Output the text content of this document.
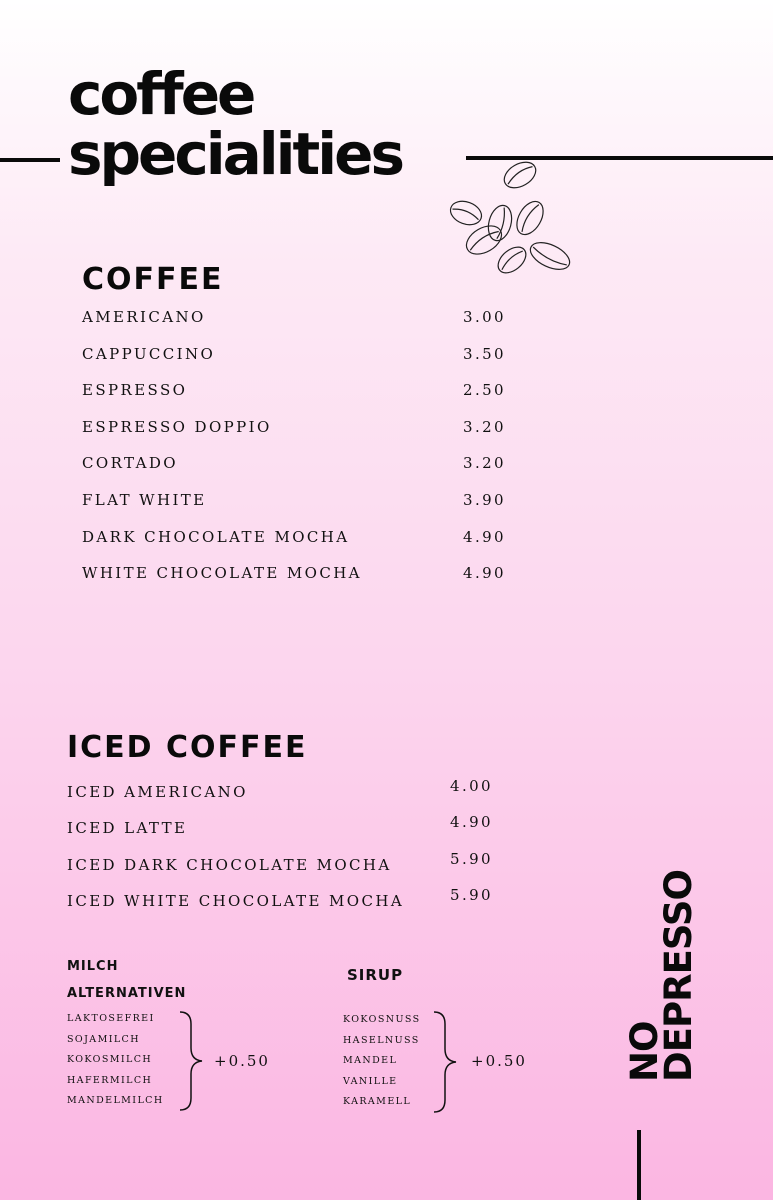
coffee
specialities
COFFEE
AMERICANO	3.00
CAPPUCCINO	3.50
ESPRESSO	2.50
ESPRESSO DOPPIO	3.20
CORTADO	3.20
FLAT WHITE	3.90
DARK CHOCOLATE MOCHA	4.90
WHITE CHOCOLATE MOCHA	4.90
ICED COFFEE
ICED AMERICANO	4.00
ICED LATTE	4.90
ICED DARK CHOCOLATE MOCHA	5.90
ICED WHITE CHOCOLATE MOCHA	5.90
MILCH
ALTERNATIVEN
LAKTOSEFREI
SOJAMILCH
KOKOSMILCH
HAFERMILCH
MANDELMILCH
+0.50
SIRUP
KOKOSNUSS
HASELNUSS
MANDEL
VANILLE
KARAMELL
+0.50	NO
DEPRESSO
